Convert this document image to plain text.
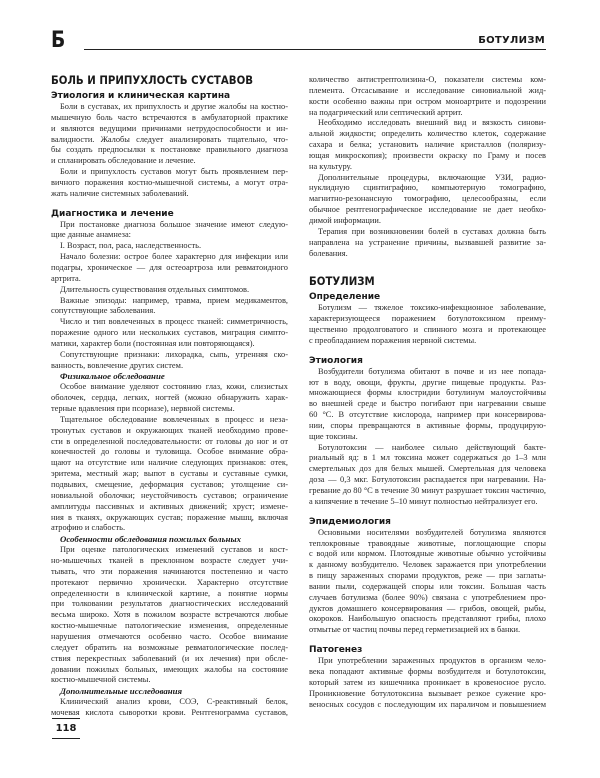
Б	БОТУЛИЗМ
БОЛЬ И ПРИПУХЛОСТЬ СУСТАВОВ
Этиология и клиническая картина
Боли в суставах, их припухлость и другие жалобы на костно-
мышечную боль часто встречаются в амбулаторной практике
и являются ведущими причинами нетрудоспособности и ин-
валидности. Жалобы следует анализировать тщательно, что-
бы создать предпосылки к постановке правильного диагноза
и спланировать обследование и лечение.
Боли и припухлость суставов могут быть проявлением пер-
вичного поражения костно-мышечной системы, а могут отра-
жать наличие системных заболеваний.
Диагностика и лечение
При постановке диагноза большое значение имеют следую-
щие данные анамнеза:
I. Возраст, пол, раса, наследственность.
Начало болезни: острое более характерно для инфекции или
подагры, хроническое — для остеоартроза или ревматоидного
артрита.
Длительность существования отдельных симптомов.
Важные эпизоды: например, травма, прием медикаментов,
сопутствующие заболевания.
Число и тип вовлеченных в процесс тканей: симметричность,
поражение одного или нескольких суставов, миграция симпто-
матики, характер боли (постоянная или повторяющаяся).
Сопутствующие признаки: лихорадка, сыпь, утренняя ско-
ванность, вовлечение других систем.
Физикальное обследование
Особое внимание уделяют состоянию глаз, кожи, слизистых
оболочек, сердца, легких, ногтей (можно обнаружить харак-
терные вдавления при псориазе), нервной системы.
Тщательное обследование вовлеченных в процесс и неза-
тронутых суставов и окружающих тканей необходимо прове-
сти в определенной последовательности: от головы до ног и от
конечностей до головы и туловища. Особое внимание обра-
щают на отсутствие или наличие следующих признаков: отек,
эритема, местный жар; выпот в суставы и суставные сумки,
подвывих, смещение, деформация суставов; утолщение си-
новиальной оболочки; неустойчивость суставов; ограничение
амплитуды пассивных и активных движений; хруст; измене-
ния в тканях, окружающих сустав; поражение мышц, включая
атрофию и слабость.
Особенности обследования пожилых больных
При оценке патологических изменений суставов и кост-
но-мышечных тканей в преклонном возрасте следует учи-
тывать, что эти поражения начинаются постепенно и часто
протекают первично хронически. Характерно отсутствие
определенности в клинической картине, а понятие нормы
при толковании результатов диагностических исследований
весьма широко. Хотя в пожилом возрасте встречаются любые
костно-мышечные патологические изменения, определенные
нарушения отмечаются особенно часто. Особое внимание
следует обратить на возможные ревматологические послед-
ствия перекрестных заболеваний (и их лечения) при обсле-
довании пожилых больных, имеющих жалобы на состояние
костно-мышечной системы.
Дополнительные исследования
Клинический анализ крови, СОЭ, С-реактивный белок,
мочевая кислота сыворотки крови. Рентгенограмма суставов,
количество антистрептолизина-О, показатели системы ком-
племента. Отсасывание и исследование синовиальной жид-
кости особенно важны при остром моноартрите и подозрении
на подагрический или септический артрит.
Необходимо исследовать внешний вид и вязкость синови-
альной жидкости; определить количество клеток, содержание
сахара и белка; установить наличие кристаллов (поляризу-
ющая микроскопия); произвести окраску по Граму и посев
на культуру.
Дополнительные процедуры, включающие УЗИ, радио-
нуклидную сцинтиграфию, компьютерную томографию,
магнитно-резонансную томографию, целесообразны, если
обычное рентгенографическое исследование не дает необхо-
димой информации.
Терапия при возникновении болей в суставах должна быть
направлена на устранение причины, вызвавшей развитие за-
болевания.
БОТУЛИЗМ
Определение
Ботулизм — тяжелое токсико-инфекционное заболевание,
характеризующееся поражением ботулотоксином преиму-
щественно продолговатого и спинного мозга и протекающее
с преобладанием поражения нервной системы.
Этиология
Возбудители ботулизма обитают в почве и из нее попада-
ют в воду, овощи, фрукты, другие пищевые продукты. Раз-
множающиеся формы клостридии ботулинум малоустойчивы
во внешней среде и быстро погибают при нагревании свыше
60 °С. В отсутствие кислорода, например при консервирова-
нии, споры превращаются в активные формы, продуцирую-
щие токсины.
Ботулотоксин — наиболее сильно действующий бакте-
риальный яд: в 1 мл токсина может содержаться до 1–3 млн
смертельных доз для белых мышей. Смертельная для человека
доза — 0,3 мкг. Ботулотоксин распадается при нагревании. На-
гревание до 80 °С в течение 30 минут разрушает токсин частично,
а кипячение в течение 5–10 минут полностью нейтрализует его.
Эпидемиология
Основными носителями возбудителей ботулизма являются
теплокровные травоядные животные, поглощающие споры
с водой или кормом. Плотоядные животные обычно устойчивы
к данному возбудителю. Человек заражается при употреблении
в пищу зараженных спорами продуктов, реже — при заглаты-
вании пыли, содержащей споры или токсин. Большая часть
случаев ботулизма (более 90%) связана с употреблением про-
дуктов домашнего консервирования — грибов, овощей, рыбы,
окороков. Наибольшую опасность представляют грибы, плохо
отмытые от частиц почвы перед герметизацией их в банки.
Патогенез
При употреблении зараженных продуктов в организм чело-
века попадают активные формы возбудителя и ботулотоксин,
который затем из кишечника проникает в кровеносное русло.
Проникновение ботулотоксина вызывает резкое сужение кро-
веносных сосудов с последующим их параличом и повышением
118
